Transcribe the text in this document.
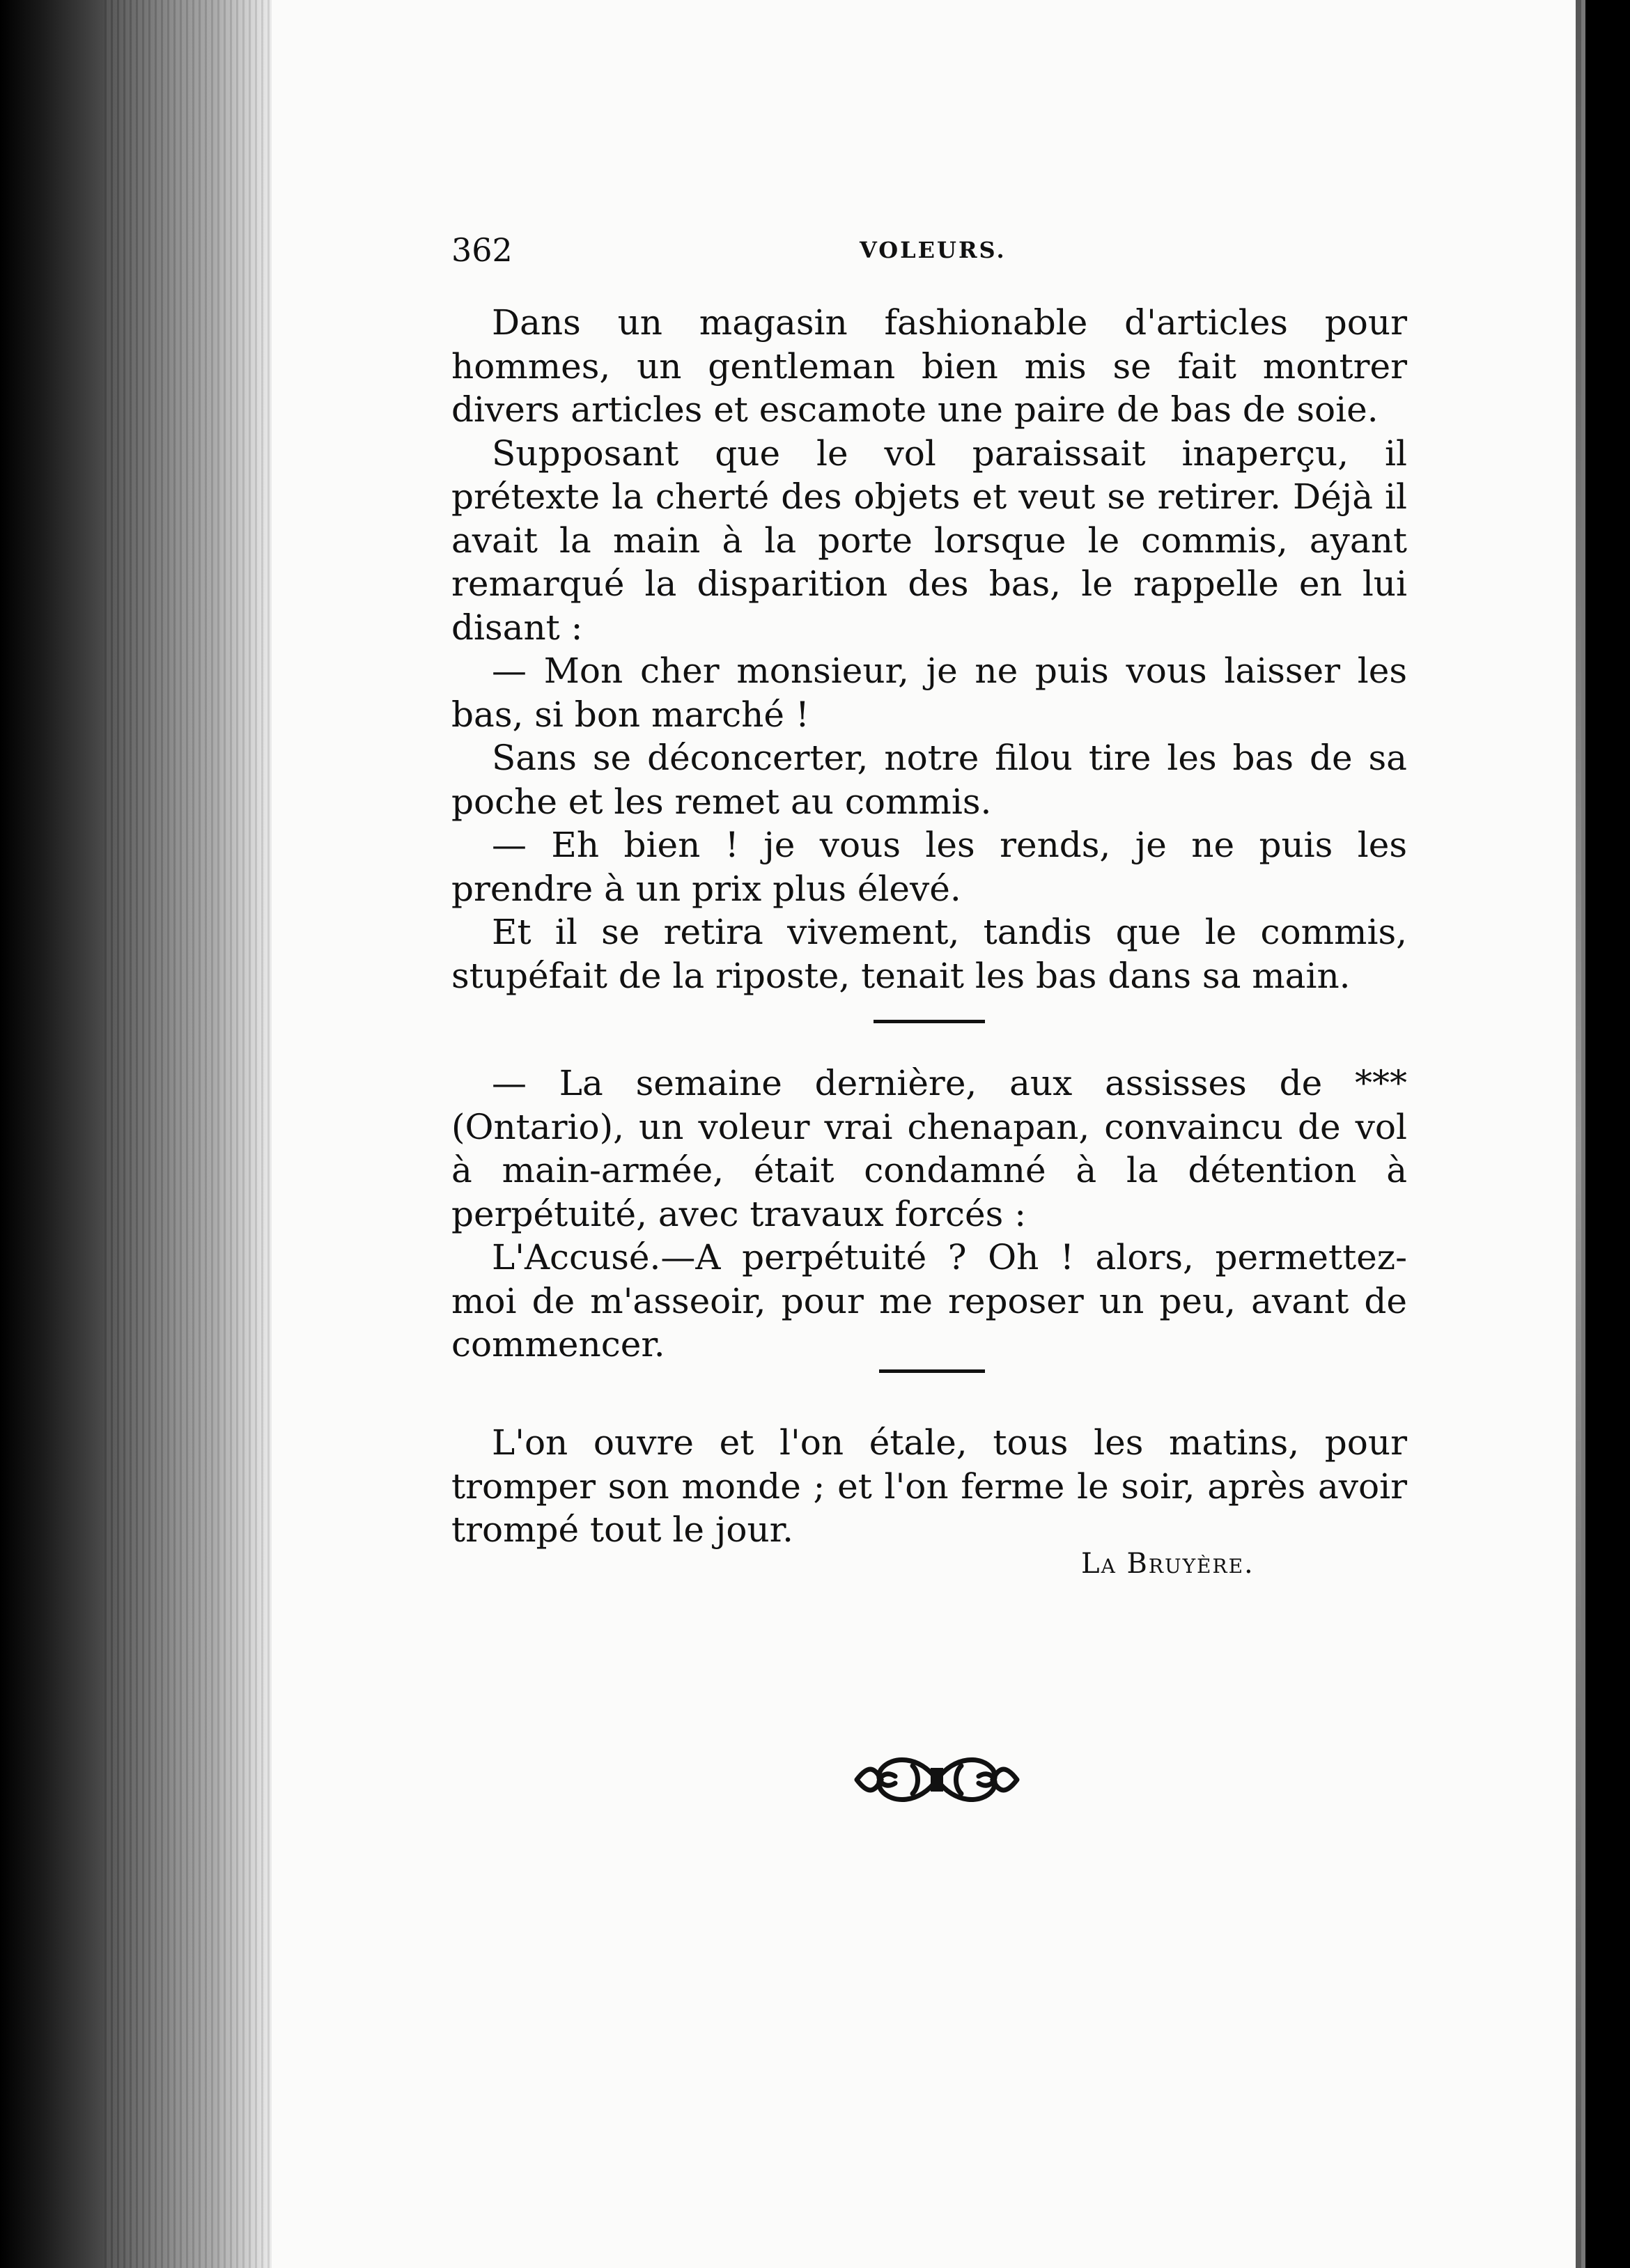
362	VOLEURS.

Dans un magasin fashionable d'articles pour hommes, un gentleman bien mis se fait montrer divers articles et escamote une paire de bas de soie.

Supposant que le vol paraissait inaperçu, il prétexte la cherté des objets et veut se retirer. Déjà il avait la main à la porte lorsque le commis, ayant remarqué la disparition des bas, le rappelle en lui disant :

— Mon cher monsieur, je ne puis vous laisser les bas, si bon marché !

Sans se déconcerter, notre filou tire les bas de sa poche et les remet au commis.

— Eh bien ! je vous les rends, je ne puis les prendre à un prix plus élevé.

Et il se retira vivement, tandis que le commis, stupéfait de la riposte, tenait les bas dans sa main.

— La semaine dernière, aux assisses de *** (Ontario), un voleur vrai chenapan, convaincu de vol à main-armée, était condamné à la détention à perpétuité, avec travaux forcés :

L'Accusé.—A perpétuité ? Oh ! alors, permettez-moi de m'asseoir, pour me reposer un peu, avant de commencer.

L'on ouvre et l'on étale, tous les matins, pour tromper son monde ; et l'on ferme le soir, après avoir trompé tout le jour.

La Bruyère.
